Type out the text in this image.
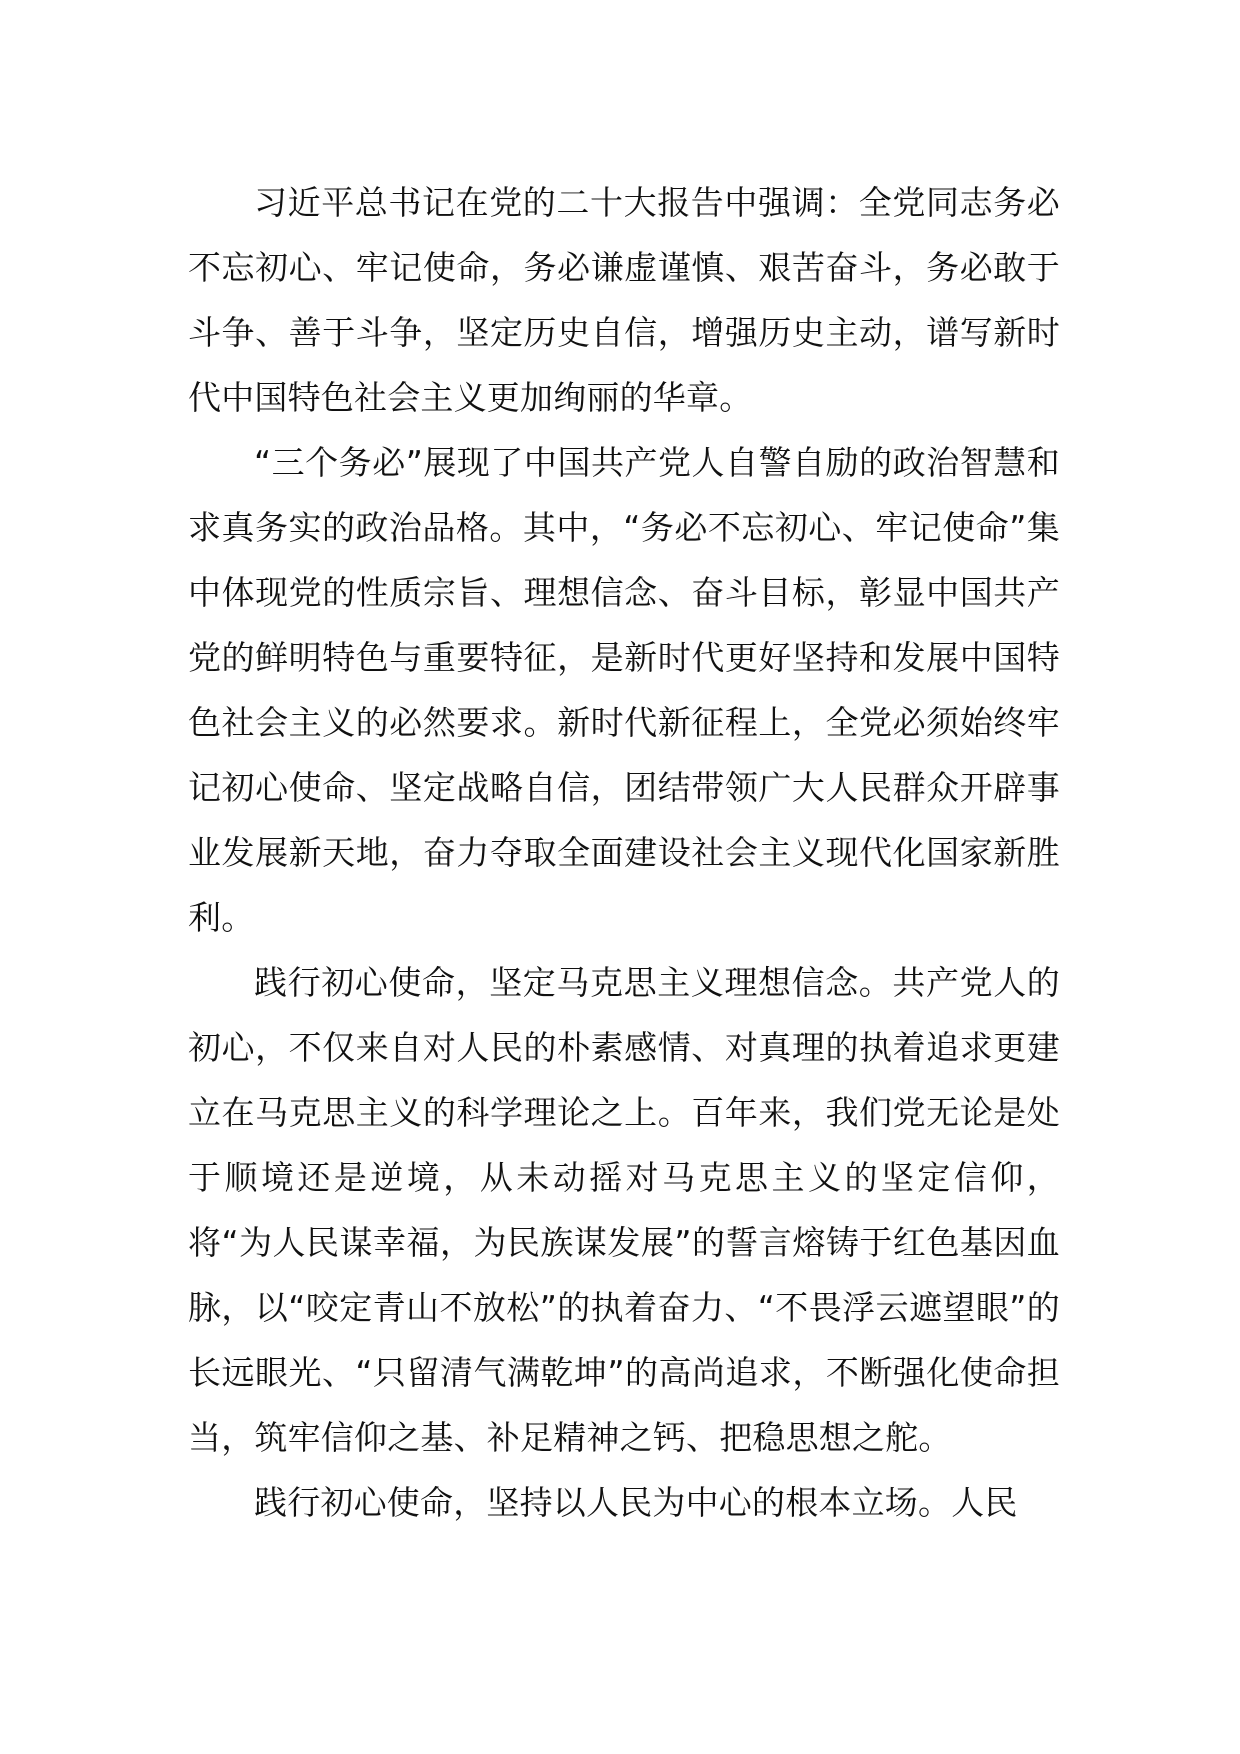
习近平总书记在党的二十大报告中强调：全党同志务必不忘初心、牢记使命，务必谦虚谨慎、艰苦奋斗，务必敢于斗争、善于斗争，坚定历史自信，增强历史主动，谱写新时代中国特色社会主义更加绚丽的华章。

“三个务必”展现了中国共产党人自警自励的政治智慧和求真务实的政治品格。其中，“务必不忘初心、牢记使命”集中体现党的性质宗旨、理想信念、奋斗目标，彰显中国共产党的鲜明特色与重要特征，是新时代更好坚持和发展中国特色社会主义的必然要求。新时代新征程上，全党必须始终牢记初心使命、坚定战略自信，团结带领广大人民群众开辟事业发展新天地，奋力夺取全面建设社会主义现代化国家新胜利。

践行初心使命，坚定马克思主义理想信念。共产党人的初心，不仅来自对人民的朴素感情、对真理的执着追求更建立在马克思主义的科学理论之上。百年来，我们党无论是处于顺境还是逆境，从未动摇对马克思主义的坚定信仰，将“为人民谋幸福，为民族谋发展”的誓言熔铸于红色基因血脉，以“咬定青山不放松”的执着奋力、“不畏浮云遮望眼”的长远眼光、“只留清气满乾坤”的高尚追求，不断强化使命担当，筑牢信仰之基、补足精神之钙、把稳思想之舵。

践行初心使命，坚持以人民为中心的根本立场。人民
